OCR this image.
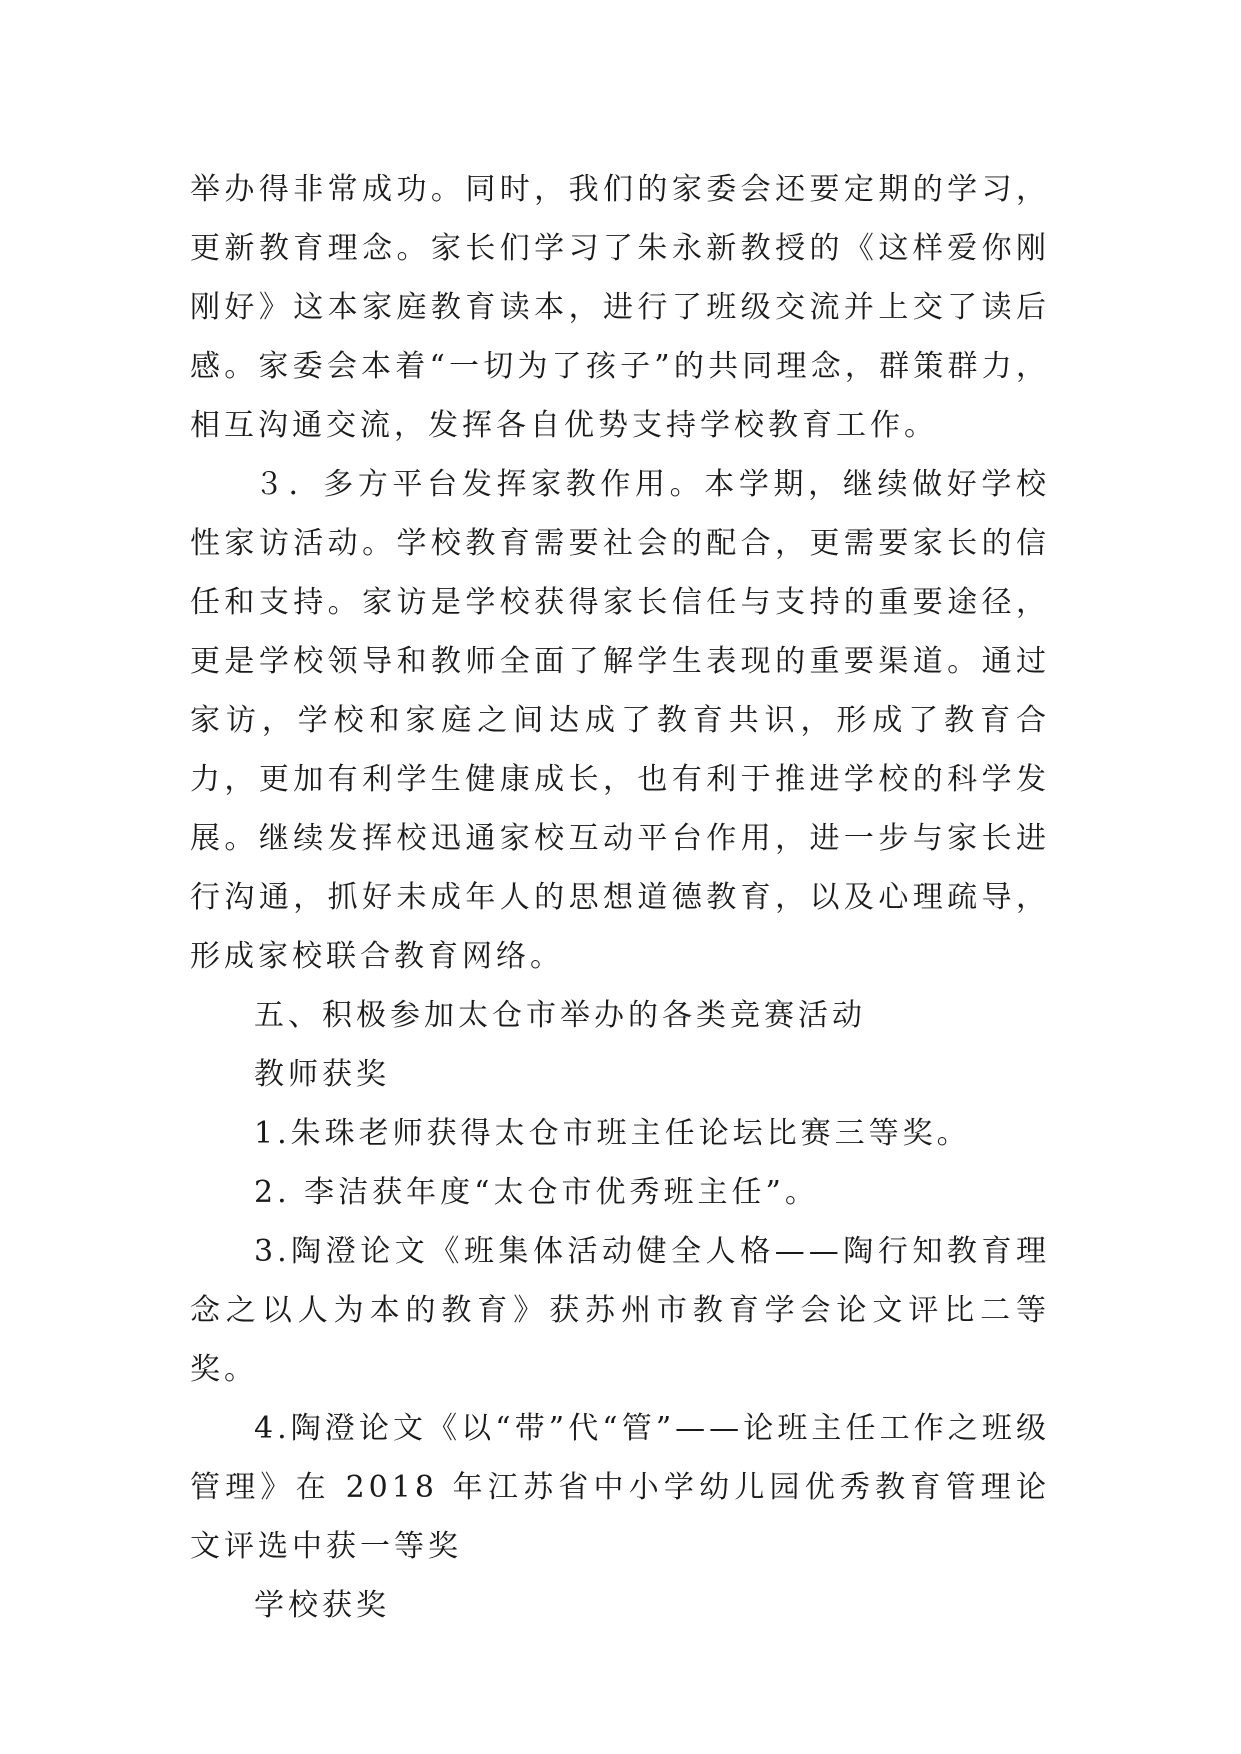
举办得非常成功。同时，我们的家委会还要定期的学习，更新教育理念。家长们学习了朱永新教授的《这样爱你刚刚好》这本家庭教育读本，进行了班级交流并上交了读后感。家委会本着“一切为了孩子”的共同理念，群策群力，相互沟通交流，发挥各自优势支持学校教育工作。

３．多方平台发挥家教作用。本学期，继续做好学校性家访活动。学校教育需要社会的配合，更需要家长的信任和支持。家访是学校获得家长信任与支持的重要途径，更是学校领导和教师全面了解学生表现的重要渠道。通过家访，学校和家庭之间达成了教育共识，形成了教育合力，更加有利学生健康成长，也有利于推进学校的科学发展。继续发挥校迅通家校互动平台作用，进一步与家长进行沟通，抓好未成年人的思想道德教育，以及心理疏导，形成家校联合教育网络。

五、积极参加太仓市举办的各类竞赛活动

教师获奖

1.朱珠老师获得太仓市班主任论坛比赛三等奖。

2. 李洁获年度“太仓市优秀班主任”。

3.陶澄论文《班集体活动健全人格——陶行知教育理念之以人为本的教育》获苏州市教育学会论文评比二等奖。

4.陶澄论文《以“带”代“管”——论班主任工作之班级管理》在 2018 年江苏省中小学幼儿园优秀教育管理论文评选中获一等奖

学校获奖
